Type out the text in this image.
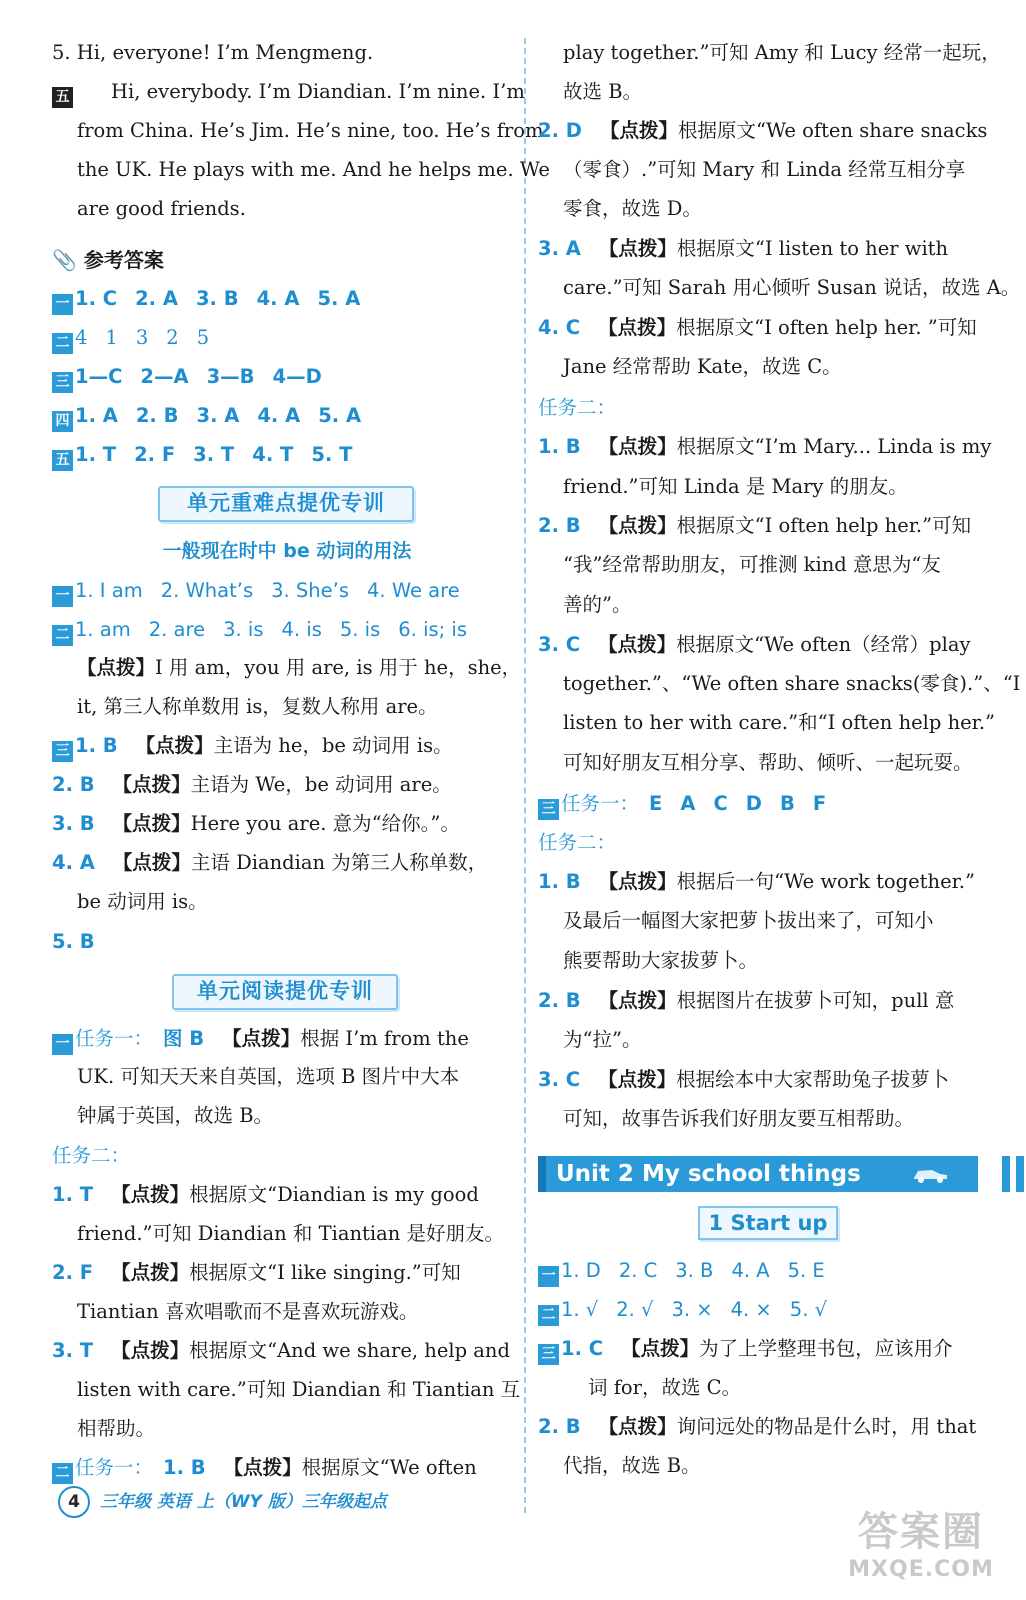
5. Hi, everyone! I’m Mengmeng.
五 Hi, everybody. I’m Diandian. I’m nine. I’m
from China. He’s Jim. He’s nine, too. He’s from
the UK. He plays with me. And he helps me. We
are good friends.
📎 参考答案
一 1. C 2. A 3. B 4. A 5. A
二 4 1 3 2 5
三 1—C 2—A 3—B 4—D
四 1. A 2. B 3. A 4. A 5. A
五 1. T 2. F 3. T 4. T 5. T
单元重难点提优专训
一般现在时中 be 动词的用法
一 1. I am 2. What’s 3. She’s 4. We are
二 1. am 2. are 3. is 4. is 5. is 6. is; is
【点拨】I 用 am，you 用 are, is 用于 he，she，
it, 第三人称单数用 is，复数人称用 are。
三 1. B 【点拨】主语为 he，be 动词用 is。
2. B 【点拨】主语为 We，be 动词用 are。
3. B 【点拨】Here you are. 意为“给你。”。
4. A 【点拨】主语 Diandian 为第三人称单数，
be 动词用 is。
5. B
单元阅读提优专训
一 任务一： 图 B 【点拨】根据 I’m from the
UK. 可知天天来自英国，选项 B 图片中大本
钟属于英国，故选 B。
任务二：
1. T 【点拨】根据原文“Diandian is my good
friend.”可知 Diandian 和 Tiantian 是好朋友。
2. F 【点拨】根据原文“I like singing.”可知
Tiantian 喜欢唱歌而不是喜欢玩游戏。
3. T 【点拨】根据原文“And we share, help and
listen with care.”可知 Diandian 和 Tiantian 互
相帮助。
二 任务一： 1. B 【点拨】根据原文“We often
play together.”可知 Amy 和 Lucy 经常一起玩，
故选 B。
2. D 【点拨】根据原文“We often share snacks
（零食）.”可知 Mary 和 Linda 经常互相分享
零食，故选 D。
3. A 【点拨】根据原文“I listen to her with
care.”可知 Sarah 用心倾听 Susan 说话，故选 A。
4. C 【点拨】根据原文“I often help her. ”可知
Jane 经常帮助 Kate，故选 C。
任务二：
1. B 【点拨】根据原文“I’m Mary... Linda is my
friend.”可知 Linda 是 Mary 的朋友。
2. B 【点拨】根据原文“I often help her.”可知
“我”经常帮助朋友，可推测 kind 意思为“友
善的”。
3. C 【点拨】根据原文“We often（经常）play
together.”、“We often share snacks(零食).”、“I
listen to her with care.”和“I often help her.”
可知好朋友互相分享、帮助、倾听、一起玩耍。
三 任务一： E A C D B F
任务二：
1. B 【点拨】根据后一句“We work together.”
及最后一幅图大家把萝卜拔出来了，可知小
熊要帮助大家拔萝卜。
2. B 【点拨】根据图片在拔萝卜可知，pull 意
为“拉”。
3. C 【点拨】根据绘本中大家帮助兔子拔萝卜
可知，故事告诉我们好朋友要互相帮助。
Unit 2 My school things
1 Start up
一 1. D 2. C 3. B 4. A 5. E
二 1. √ 2. √ 3. × 4. × 5. √
三 1. C 【点拨】为了上学整理书包，应该用介
词 for，故选 C。
2. B 【点拨】询问远处的物品是什么时，用 that
代指，故选 B。
4 三年级 英语 上（WY 版）三年级起点
答案圈
MXQE.COM
